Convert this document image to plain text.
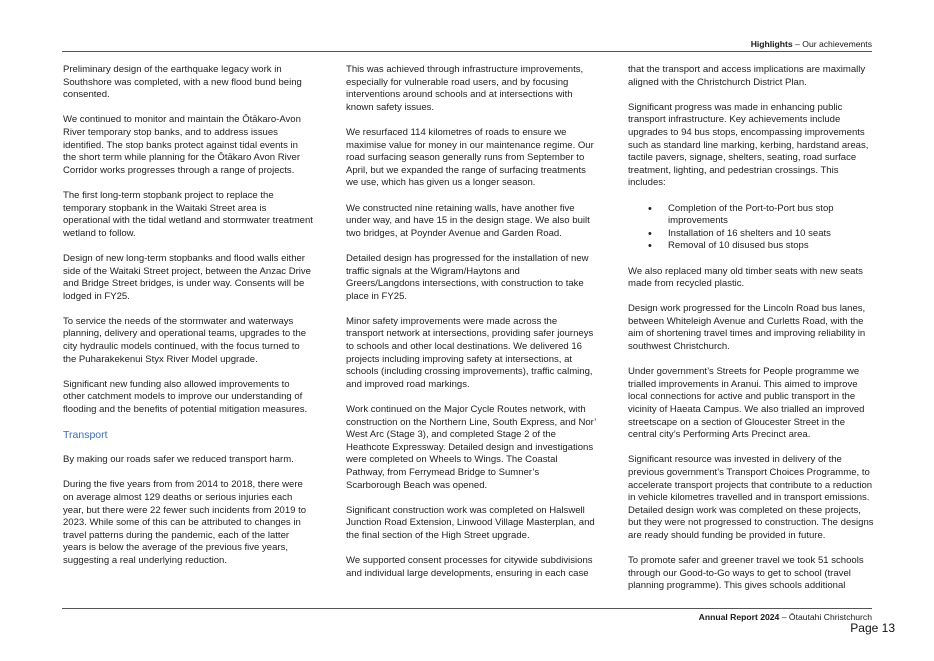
Highlights – Our achievements

Preliminary design of the earthquake legacy work in Southshore was completed, with a new flood bund being consented.

We continued to monitor and maintain the Ōtākaro-Avon River temporary stop banks, and to address issues identified. The stop banks protect against tidal events in the short term while planning for the Ōtākaro Avon River Corridor works progresses through a range of projects.

The first long-term stopbank project to replace the temporary stopbank in the Waitaki Street area is operational with the tidal wetland and stormwater treatment wetland to follow.

Design of new long-term stopbanks and flood walls either side of the Waitaki Street project, between the Anzac Drive and Bridge Street bridges, is under way. Consents will be lodged in FY25.

To service the needs of the stormwater and waterways planning, delivery and operational teams, upgrades to the city hydraulic models continued, with the focus turned to the Puharakekenui Styx River Model upgrade.

Significant new funding also allowed improvements to other catchment models to improve our understanding of flooding and the benefits of potential mitigation measures.

Transport

By making our roads safer we reduced transport harm.

During the five years from from 2014 to 2018, there were on average almost 129 deaths or serious injuries each year, but there were 22 fewer such incidents from 2019 to 2023. While some of this can be attributed to changes in travel patterns during the pandemic, each of the latter years is below the average of the previous five years, suggesting a real underlying reduction.

This was achieved through infrastructure improvements, especially for vulnerable road users, and by focusing interventions around schools and at intersections with known safety issues.

We resurfaced 114 kilometres of roads to ensure we maximise value for money in our maintenance regime. Our road surfacing season generally runs from September to April, but we expanded the range of surfacing treatments we use, which has given us a longer season.

We constructed nine retaining walls, have another five under way, and have 15 in the design stage. We also built two bridges, at Poynder Avenue and Garden Road.

Detailed design has progressed for the installation of new traffic signals at the Wigram/Haytons and Greers/Langdons intersections, with construction to take place in FY25.

Minor safety improvements were made across the transport network at intersections, providing safer journeys to schools and other local destinations. We delivered 16 projects including improving safety at intersections, at schools (including crossing improvements), traffic calming, and improved road markings.

Work continued on the Major Cycle Routes network, with construction on the Northern Line, South Express, and Nor’ West Arc (Stage 3), and completed Stage 2 of the Heathcote Expressway. Detailed design and investigations were completed on Wheels to Wings. The Coastal Pathway, from Ferrymead Bridge to Sumner’s Scarborough Beach was opened.

Significant construction work was completed on Halswell Junction Road Extension, Linwood Village Masterplan, and the final section of the High Street upgrade.

We supported consent processes for citywide subdivisions and individual large developments, ensuring in each case

that the transport and access implications are maximally aligned with the Christchurch District Plan.

Significant progress was made in enhancing public transport infrastructure. Key achievements include upgrades to 94 bus stops, encompassing improvements such as standard line marking, kerbing, hardstand areas, tactile pavers, signage, shelters, seating, road surface treatment, lighting, and pedestrian crossings. This includes:

• Completion of the Port-to-Port bus stop improvements
• Installation of 16 shelters and 10 seats
• Removal of 10 disused bus stops

We also replaced many old timber seats with new seats made from recycled plastic.

Design work progressed for the Lincoln Road bus lanes, between Whiteleigh Avenue and Curletts Road, with the aim of shortening travel times and improving reliability in southwest Christchurch.

Under government’s Streets for People programme we trialled improvements in Aranui. This aimed to improve local connections for active and public transport in the vicinity of Haeata Campus. We also trialled an improved streetscape on a section of Gloucester Street in the central city’s Performing Arts Precinct area.

Significant resource was invested in delivery of the previous government’s Transport Choices Programme, to accelerate transport projects that contribute to a reduction in vehicle kilometres travelled and in transport emissions. Detailed design work was completed on these projects, but they were not progressed to construction. The designs are ready should funding be provided in future.

To promote safer and greener travel we took 51 schools through our Good-to-Go ways to get to school (travel planning programme). This gives schools additional

Annual Report 2024 – Ōtautahi Christchurch
Page 13
